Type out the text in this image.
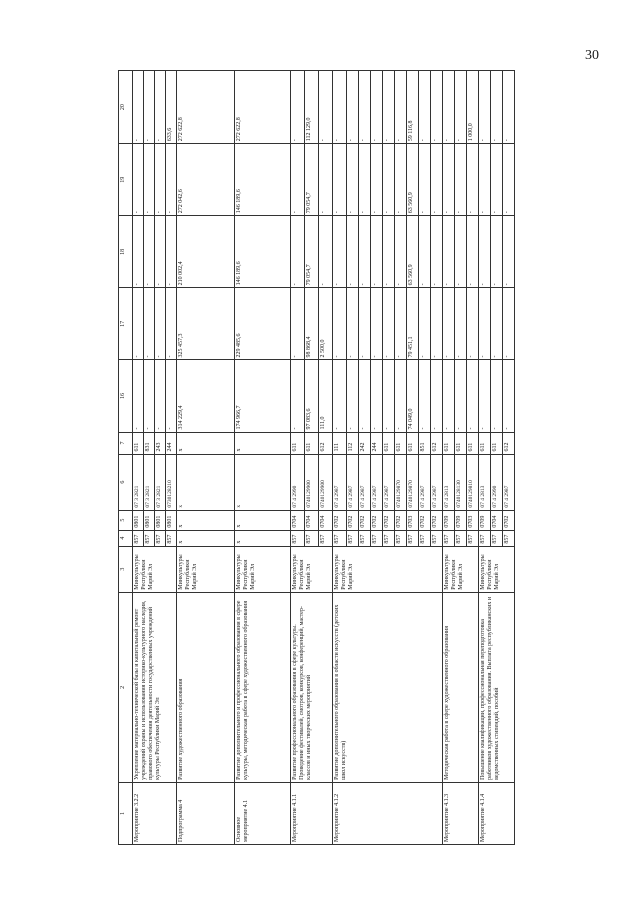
30
1	2	3	4	5	6	7	16	17	18	19	20
Мероприятие 3.2.2	Укрепление материально-технической базы и капитальный ремонт учреждений охраны и использования историко-культурного наследия, правового обеспечения деятельности государственных учреждений культуры Республики Марий Эл	Минкультуры Республики Марий Эл	857	0801	07 3 2821	611	-	-	-	-	-
			857	0801	07 3 2821	831	-	-	-	-	-
			857	0801	07 3 2821	243	-	-	-	-	-
			857	0801	0730128210	244	-	-	-	-	633,6
Подпрограмма 4	Развитие художественного образования	Минкультуры Республики Марий Эл	х	х	х	х	314 229,4	325 457,3	210 002,4	272 042,6	272 622,8
Основное мероприятие 4.1	Развитие дополнительного и профессионального образования в сфере культуры, методическая работа в сфере художественного образования	Минкультуры Республики Марий Эл	х	х	х	х	174 966,7	229 485,6	146 189,6	146 189,6	272 622,8
Мероприятие 4.1.1	Развитие профессионального образования в сфере культуры. Проведение фестивалей, смотров, конкурсов, конференций, мастер-классов и иных творческих мероприятий	Минкультуры Республики Марий Эл	857	0704	07 4 2990	611	-	-	-	-	-
			857	0704	0740129900	611	97 083,6	98 868,4	79 054,7	79 054,7	112 129,0
			857	0704	0740129900	612	111,0	2 500,0	-	-	-
Мероприятие 4.1.2	Развитие дополнительного образования в области искусств (детских школ искусств)	Минкультуры Республики Марий Эл	857	0702	07 4 2987	111	-	-	-	-	-
			857	0702	07 4 2987	112	-	-	-	-	-
			857	0702	07 4 2987	242	-	-	-	-	-
			857	0702	07 4 2987	244	-	-	-	-	-
			857	0702	07 4 2987	611	-	-	-	-	-
			857	0702	0740129870	611	-	-	-	-	-
			857	0703	0740129870	611	74 049,0	79 451,1	63 560,9	63 560,9	59 116,8
			857	0702	07 4 2987	851	-	-	-	-	-
			857	0702	07 4 2987	612	-	-	-	-	-
Мероприятие 4.1.3	Методическая работа в сфере художественного образования	Минкультуры Республики Марий Эл	857	0709	07 4 2813	611	-	-	-	-	-
			857	0709	0740128130	611	-	-	-	-	-
			857	0703	0740129810	611	-	-	-	-	1 000,0
Мероприятие 4.1.4	Повышение квалификации, профессиональная переподготовка работников художественного образования. Выплата республиканских и ведомственных стипендий, пособий	Минкультуры Республики Марий Эл	857	0709	07 4 2813	611	-	-	-	-	-
			857	0704	07 4 2990	611	-	-	-	-	-
			857	0702	07 4 2987	612	-	-	-	-	-
